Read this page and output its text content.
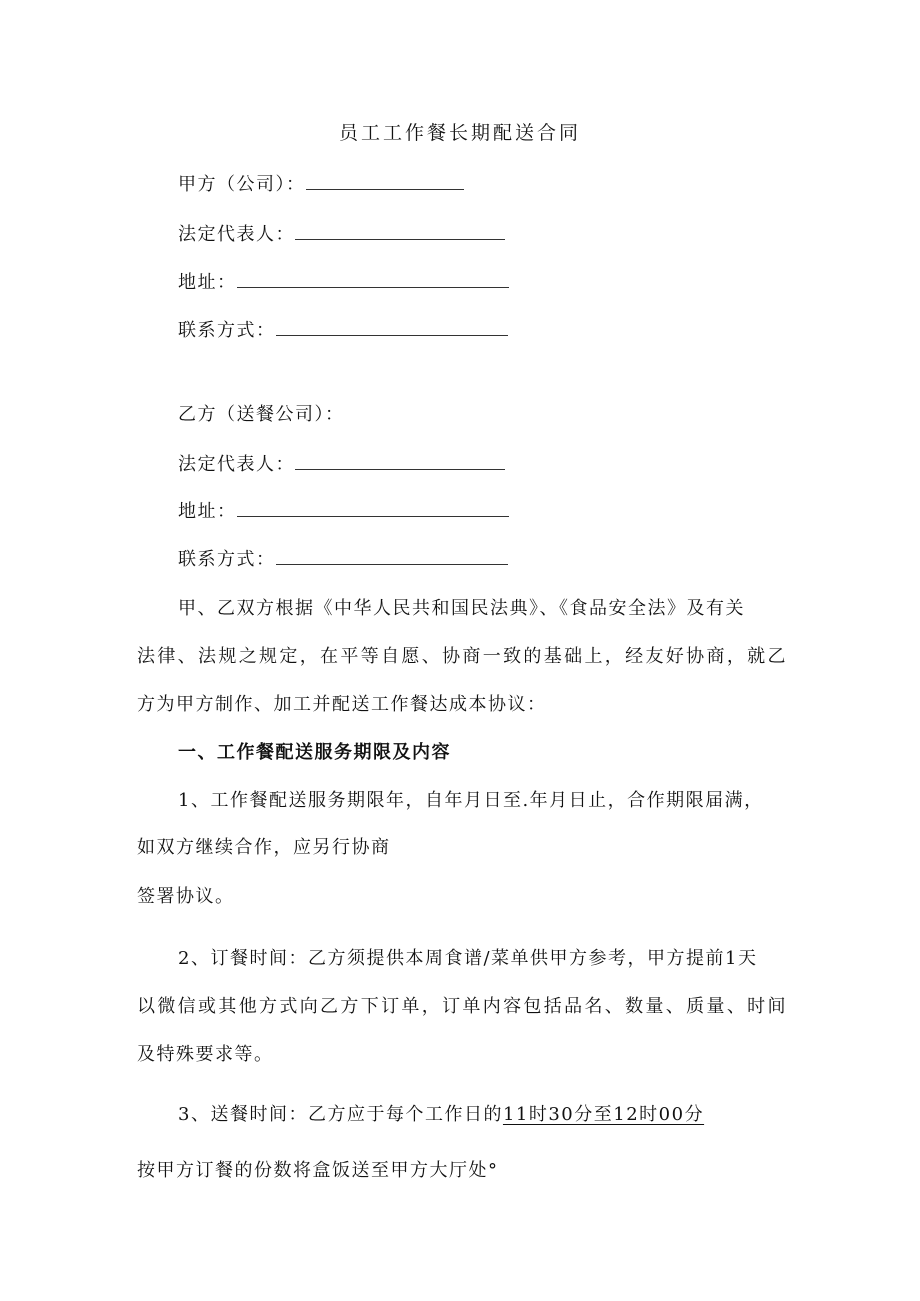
员工工作餐长期配送合同
甲方（公司）：
法定代表人：
地址：
联系方式：
乙方（送餐公司）：
法定代表人：
地址：
联系方式：
甲、乙双方根据《中华人民共和国民法典》、《食品安全法》及有关
法律、法规之规定，在平等自愿、协商一致的基础上，经友好协商，就乙
方为甲方制作、加工并配送工作餐达成本协议：
一、工作餐配送服务期限及内容
1、工作餐配送服务期限年，自年月日至.年月日止，合作期限届满，
如双方继续合作，应另行协商
签署协议。
2、订餐时间：乙方须提供本周食谱/菜单供甲方参考，甲方提前1天
以微信或其他方式向乙方下订单，订单内容包括品名、数量、质量、时间
及特殊要求等。
3、送餐时间：乙方应于每个工作日的11时30分至12时00分
按甲方订餐的份数将盒饭送至甲方大厅处°
